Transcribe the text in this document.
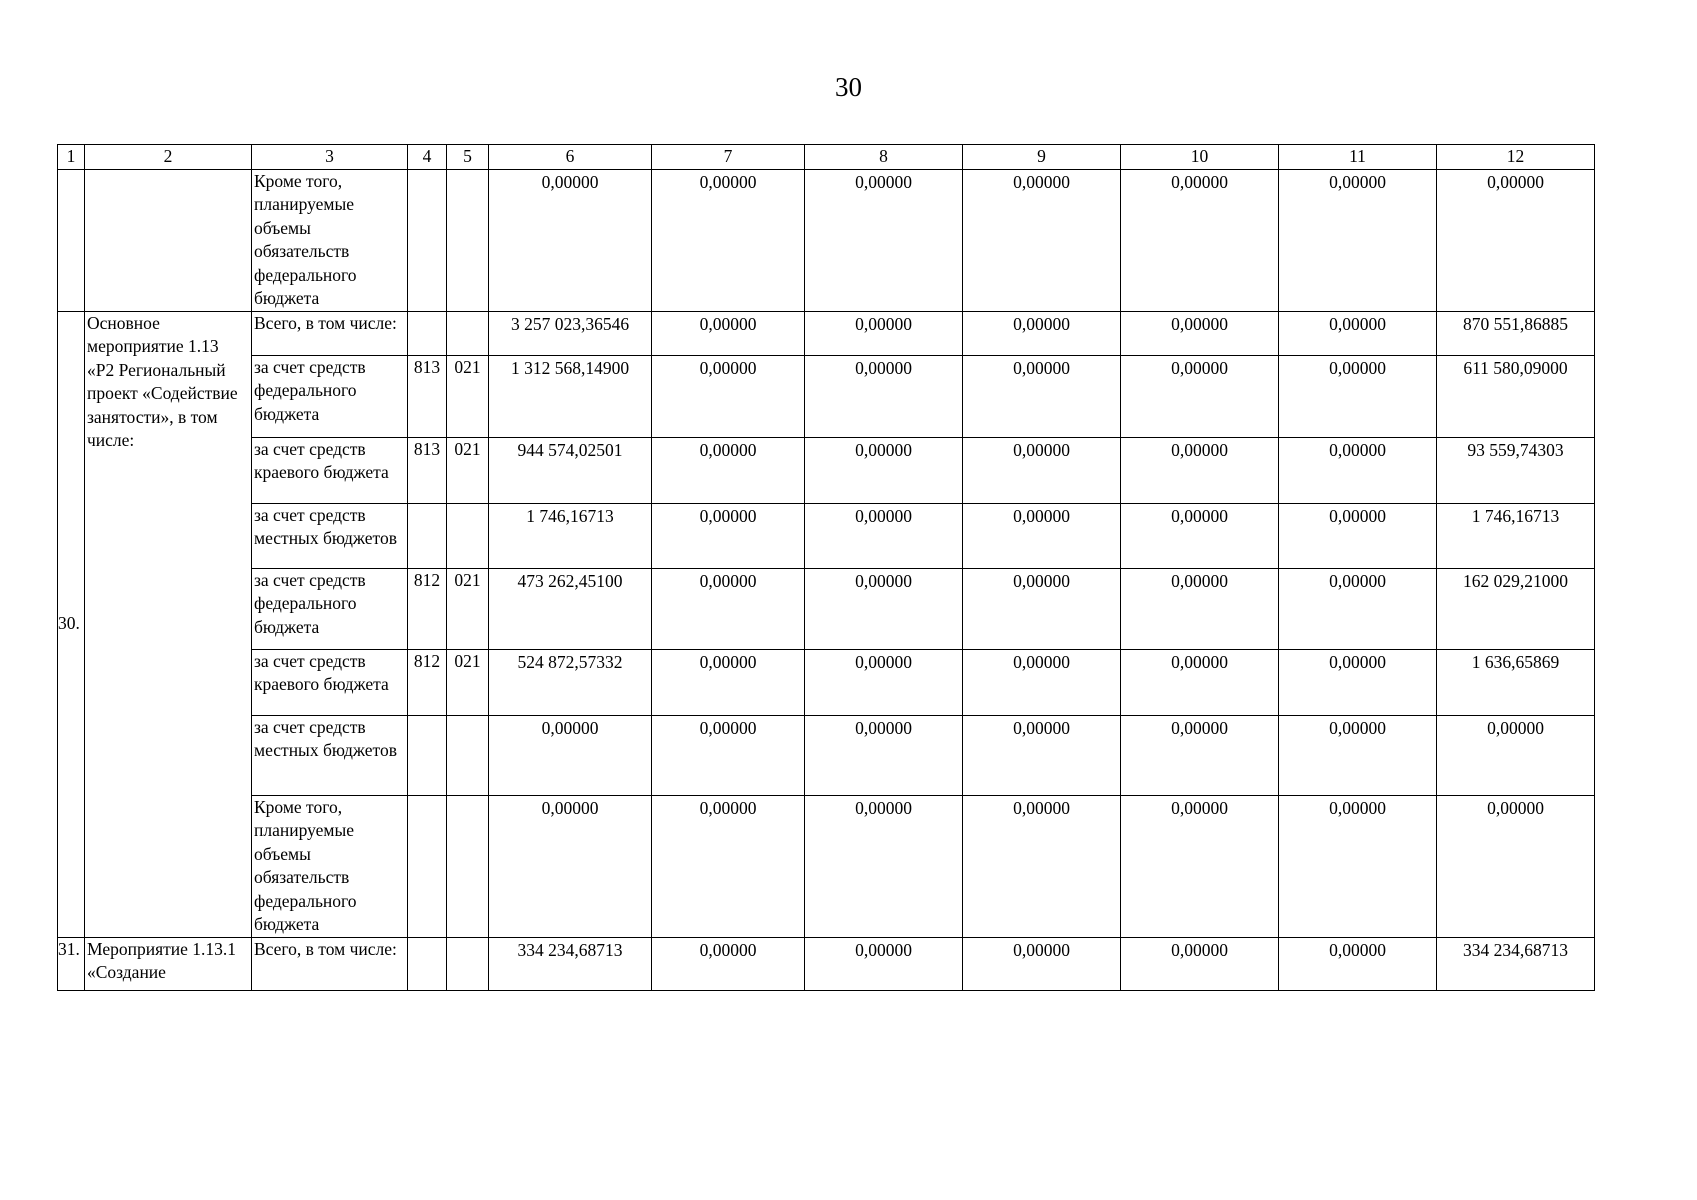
30
1	2	3	4	5	6	7	8	9	10	11	12
		Кроме того, планируемые объемы обязательств федерального бюджета			0,00000	0,00000	0,00000	0,00000	0,00000	0,00000	0,00000
30.	Основное мероприятие 1.13 «Р2 Региональный проект «Содействие занятости», в том числе:	Всего, в том числе:			3 257 023,36546	0,00000	0,00000	0,00000	0,00000	0,00000	870 551,86885
		за счет средств федерального бюджета	813	021	1 312 568,14900	0,00000	0,00000	0,00000	0,00000	0,00000	611 580,09000
		за счет средств краевого бюджета	813	021	944 574,02501	0,00000	0,00000	0,00000	0,00000	0,00000	93 559,74303
		за счет средств местных бюджетов			1 746,16713	0,00000	0,00000	0,00000	0,00000	0,00000	1 746,16713
		за счет средств федерального бюджета	812	021	473 262,45100	0,00000	0,00000	0,00000	0,00000	0,00000	162 029,21000
		за счет средств краевого бюджета	812	021	524 872,57332	0,00000	0,00000	0,00000	0,00000	0,00000	1 636,65869
		за счет средств местных бюджетов			0,00000	0,00000	0,00000	0,00000	0,00000	0,00000	0,00000
		Кроме того, планируемые объемы обязательств федерального бюджета			0,00000	0,00000	0,00000	0,00000	0,00000	0,00000	0,00000
31.	Мероприятие 1.13.1 «Создание	Всего, в том числе:			334 234,68713	0,00000	0,00000	0,00000	0,00000	0,00000	334 234,68713
